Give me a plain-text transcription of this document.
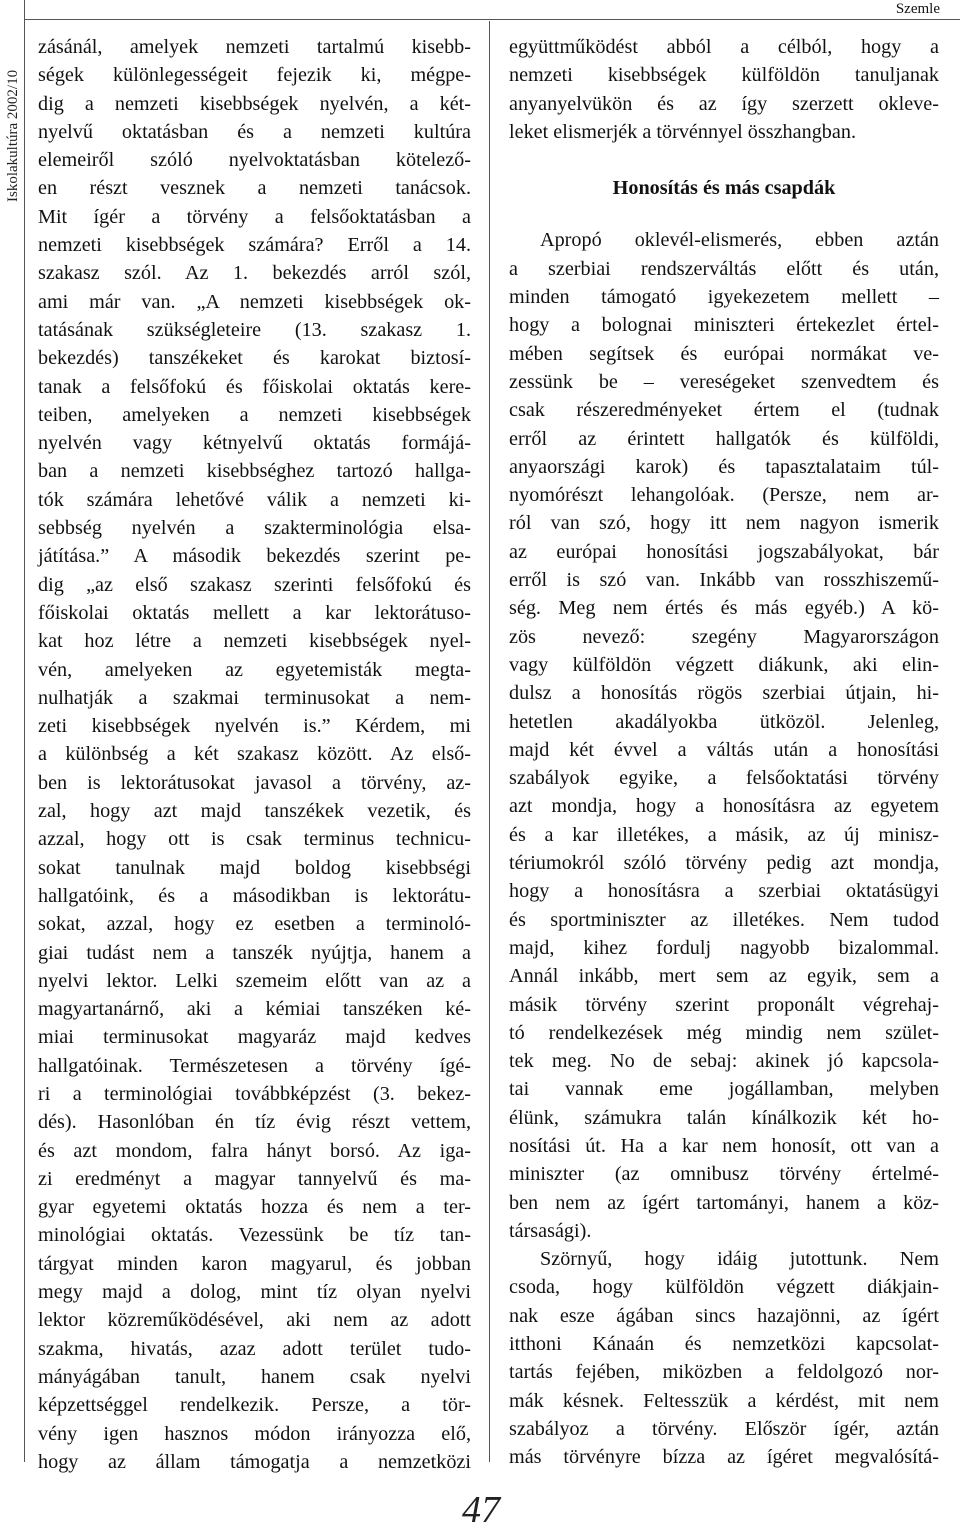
Iskolakultúra 2002/10
Szemle
zásánál, amelyek nemzeti tartalmú kisebb-
ségek különlegességeit fejezik ki, mégpe-
dig a nemzeti kisebbségek nyelvén, a két-
nyelvű oktatásban és a nemzeti kultúra
elemeiről szóló nyelvoktatásban kötelező-
en részt vesznek a nemzeti tanácsok.
Mit ígér a törvény a felsőoktatásban a
nemzeti kisebbségek számára? Erről a 14.
szakasz szól. Az 1. bekezdés arról szól,
ami már van. „A nemzeti kisebbségek ok-
tatásának szükségleteire (13. szakasz 1.
bekezdés) tanszékeket és karokat biztosí-
tanak a felsőfokú és főiskolai oktatás kere-
teiben, amelyeken a nemzeti kisebbségek
nyelvén vagy kétnyelvű oktatás formájá-
ban a nemzeti kisebbséghez tartozó hallga-
tók számára lehetővé válik a nemzeti ki-
sebbség nyelvén a szakterminológia elsa-
játítása.” A második bekezdés szerint pe-
dig „az első szakasz szerinti felsőfokú és
főiskolai oktatás mellett a kar lektorátuso-
kat hoz létre a nemzeti kisebbségek nyel-
vén, amelyeken az egyetemisták megta-
nulhatják a szakmai terminusokat a nem-
zeti kisebbségek nyelvén is.” Kérdem, mi
a különbség a két szakasz között. Az első-
ben is lektorátusokat javasol a törvény, az-
zal, hogy azt majd tanszékek vezetik, és
azzal, hogy ott is csak terminus technicu-
sokat tanulnak majd boldog kisebbségi
hallgatóink, és a másodikban is lektorátu-
sokat, azzal, hogy ez esetben a terminoló-
giai tudást nem a tanszék nyújtja, hanem a
nyelvi lektor. Lelki szemeim előtt van az a
magyartanárnő, aki a kémiai tanszéken ké-
miai terminusokat magyaráz majd kedves
hallgatóinak. Természetesen a törvény ígé-
ri a terminológiai továbbképzést (3. bekez-
dés). Hasonlóban én tíz évig részt vettem,
és azt mondom, falra hányt borsó. Az iga-
zi eredményt a magyar tannyelvű és ma-
gyar egyetemi oktatás hozza és nem a ter-
minológiai oktatás. Vezessünk be tíz tan-
tárgyat minden karon magyarul, és jobban
megy majd a dolog, mint tíz olyan nyelvi
lektor közreműködésével, aki nem az adott
szakma, hivatás, azaz adott terület tudo-
mányágában tanult, hanem csak nyelvi
képzettséggel rendelkezik. Persze, a tör-
vény igen hasznos módon irányozza elő,
hogy az állam támogatja a nemzetközi
együttműködést abból a célból, hogy a
nemzeti kisebbségek külföldön tanuljanak
anyanyelvükön és az így szerzett okleve-
leket elismerjék a törvénnyel összhangban.
Honosítás és más csapdák
Apropó oklevél-elismerés, ebben aztán
a szerbiai rendszerváltás előtt és után,
minden támogató igyekezetem mellett –
hogy a bolognai miniszteri értekezlet értel-
mében segítsek és európai normákat ve-
zessünk be – vereségeket szenvedtem és
csak részeredményeket értem el (tudnak
erről az érintett hallgatók és külföldi,
anyaországi karok) és tapasztalataim túl-
nyomórészt lehangolóak. (Persze, nem ar-
ról van szó, hogy itt nem nagyon ismerik
az európai honosítási jogszabályokat, bár
erről is szó van. Inkább van rosszhiszemű-
ség. Meg nem értés és más egyéb.) A kö-
zös nevező: szegény Magyarországon
vagy külföldön végzett diákunk, aki elin-
dulsz a honosítás rögös szerbiai útjain, hi-
hetetlen akadályokba ütközöl. Jelenleg,
majd két évvel a váltás után a honosítási
szabályok egyike, a felsőoktatási törvény
azt mondja, hogy a honosításra az egyetem
és a kar illetékes, a másik, az új minisz-
tériumokról szóló törvény pedig azt mondja,
hogy a honosításra a szerbiai oktatásügyi
és sportminiszter az illetékes. Nem tudod
majd, kihez fordulj nagyobb bizalommal.
Annál inkább, mert sem az egyik, sem a
másik törvény szerint proponált végrehaj-
tó rendelkezések még mindig nem szület-
tek meg. No de sebaj: akinek jó kapcsola-
tai vannak eme jogállamban, melyben
élünk, számukra talán kínálkozik két ho-
nosítási út. Ha a kar nem honosít, ott van a
miniszter (az omnibusz törvény értelmé-
ben nem az ígért tartományi, hanem a köz-
társasági).
Szörnyű, hogy idáig jutottunk. Nem
csoda, hogy külföldön végzett diákjain-
nak esze ágában sincs hazajönni, az ígért
itthoni Kánaán és nemzetközi kapcsolat-
tartás fejében, miközben a feldolgozó nor-
mák késnek. Feltesszük a kérdést, mit nem
szabályoz a törvény. Először ígér, aztán
más törvényre bízza az ígéret megvalósítá-
47
